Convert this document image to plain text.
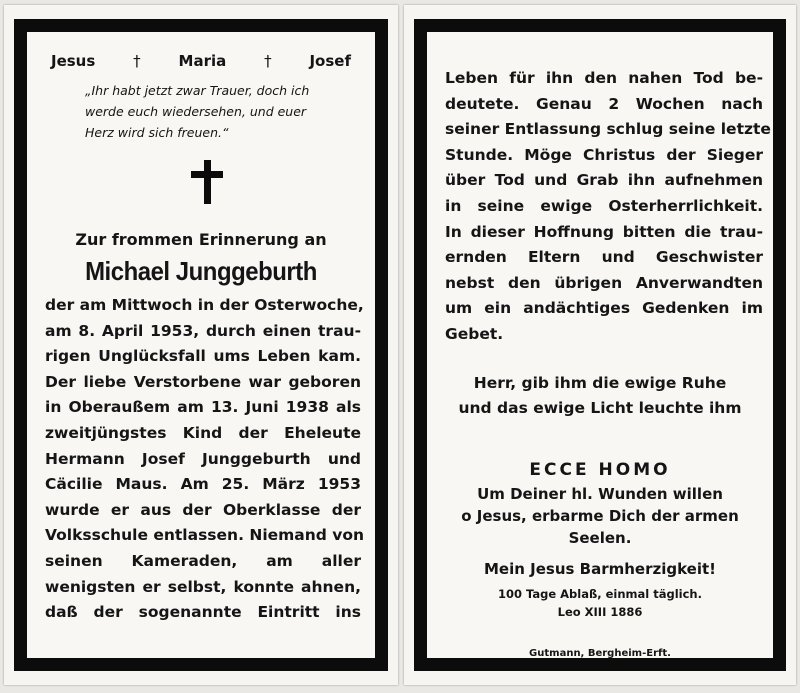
Jesus	†	Maria	†	Josef
„Ihr habt jetzt zwar Trauer, doch ich
werde euch wiedersehen, und euer
Herz wird sich freuen.“
Zur frommen Erinnerung an
Michael Junggeburth
der am Mittwoch in der Osterwoche,
am 8. April 1953, durch einen trau-
rigen Unglücksfall ums Leben kam.
Der liebe Verstorbene war geboren
in Oberaußem am 13. Juni 1938 als
zweitjüngstes Kind der Eheleute
Hermann Josef Junggeburth und
Cäcilie Maus. Am 25. März 1953
wurde er aus der Oberklasse der
Volksschule entlassen. Niemand von
seinen Kameraden, am aller
wenigsten er selbst, konnte ahnen,
daß der sogenannte Eintritt ins
Leben für ihn den nahen Tod be-
deutete. Genau 2 Wochen nach
seiner Entlassung schlug seine letzte
Stunde. Möge Christus der Sieger
über Tod und Grab ihn aufnehmen
in seine ewige Osterherrlichkeit.
In dieser Hoffnung bitten die trau-
ernden Eltern und Geschwister
nebst den übrigen Anverwandten
um ein andächtiges Gedenken im
Gebet.
Herr, gib ihm die ewige Ruhe
und das ewige Licht leuchte ihm
ECCE HOMO
Um Deiner hl. Wunden willen
o Jesus, erbarme Dich der armen
Seelen.
Mein Jesus Barmherzigkeit!
100 Tage Ablaß, einmal täglich.
Leo XIII 1886
Gutmann, Bergheim-Erft.
